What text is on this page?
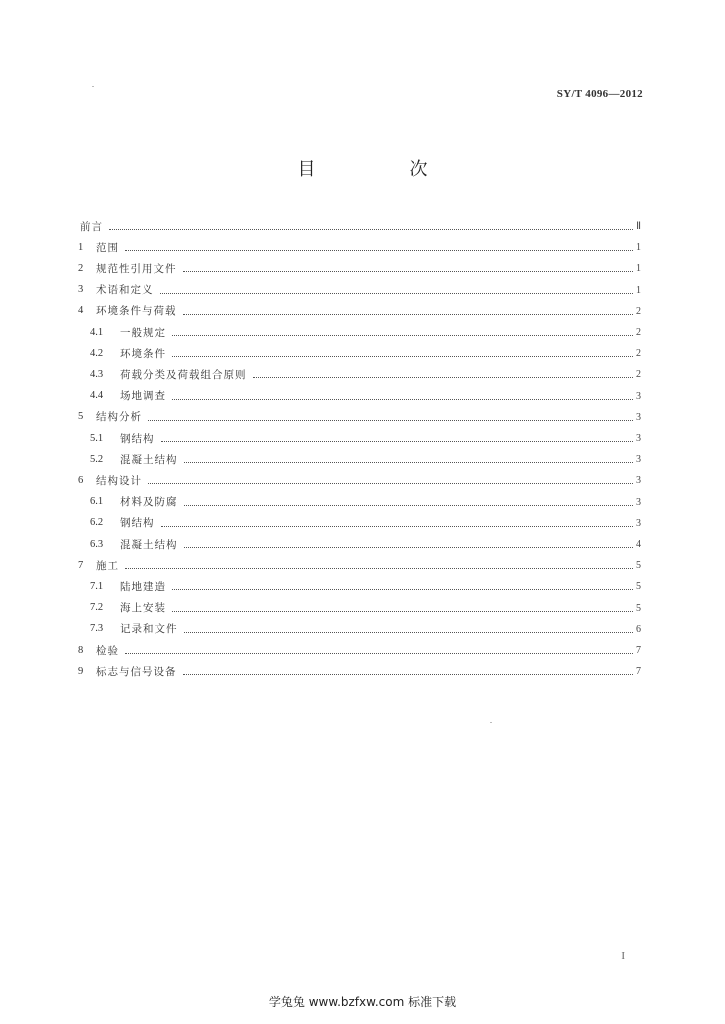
SY/T 4096—2012
目　次
前言	Ⅱ
1	范围	1
2	规范性引用文件	1
3	术语和定义	1
4	环境条件与荷载	2
4.1	一般规定	2
4.2	环境条件	2
4.3	荷载分类及荷载组合原则	2
4.4	场地调查	3
5	结构分析	3
5.1	钢结构	3
5.2	混凝土结构	3
6	结构设计	3
6.1	材料及防腐	3
6.2	钢结构	3
6.3	混凝土结构	4
7	施工	5
7.1	陆地建造	5
7.2	海上安装	5
7.3	记录和文件	6
8	检验	7
9	标志与信号设备	7
I
学兔兔 www.bzfxw.com 标准下载
